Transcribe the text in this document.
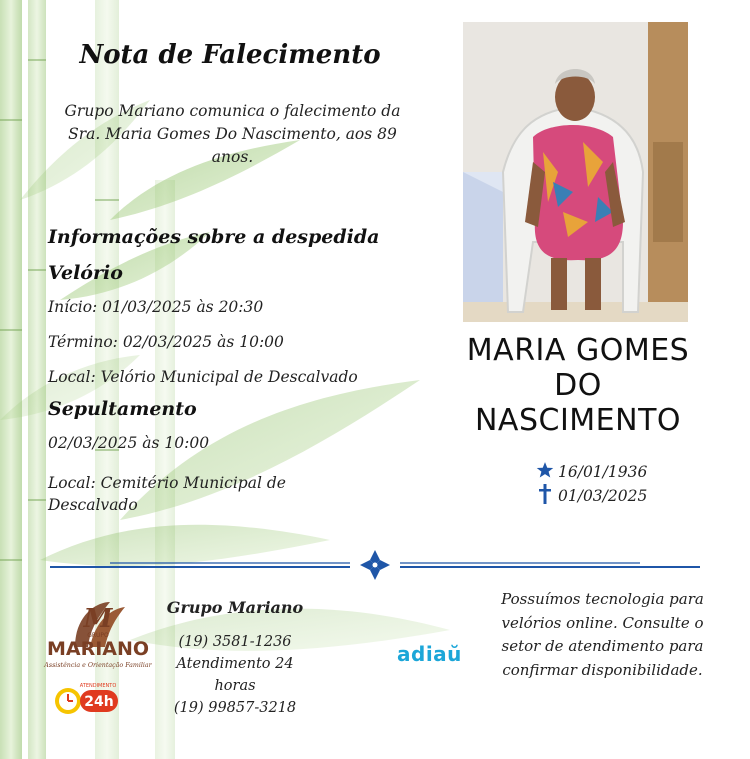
Nota de Falecimento
Grupo Mariano comunica o falecimento da Sra. Maria Gomes Do Nascimento, aos 89 anos.
Informações sobre a despedida
Velório
Início: 01/03/2025 às 20:30
Término: 02/03/2025 às 10:00
Local: Velório Municipal de Descalvado
Sepultamento
02/03/2025 às 10:00
Local: Cemitério Municipal de Descalvado
MARIA GOMES
DO
NASCIMENTO
16/01/1936
01/03/2025
M
GRUPO
MARIANO
Assistência e Orientação Familiar
24h
ATENDIMENTO
Grupo Mariano
(19) 3581-1236
Atendimento 24
horas
(19) 99857-3218
adiaŭ
Possuímos tecnologia para velórios online. Consulte o setor de atendimento para confirmar disponibilidade.
